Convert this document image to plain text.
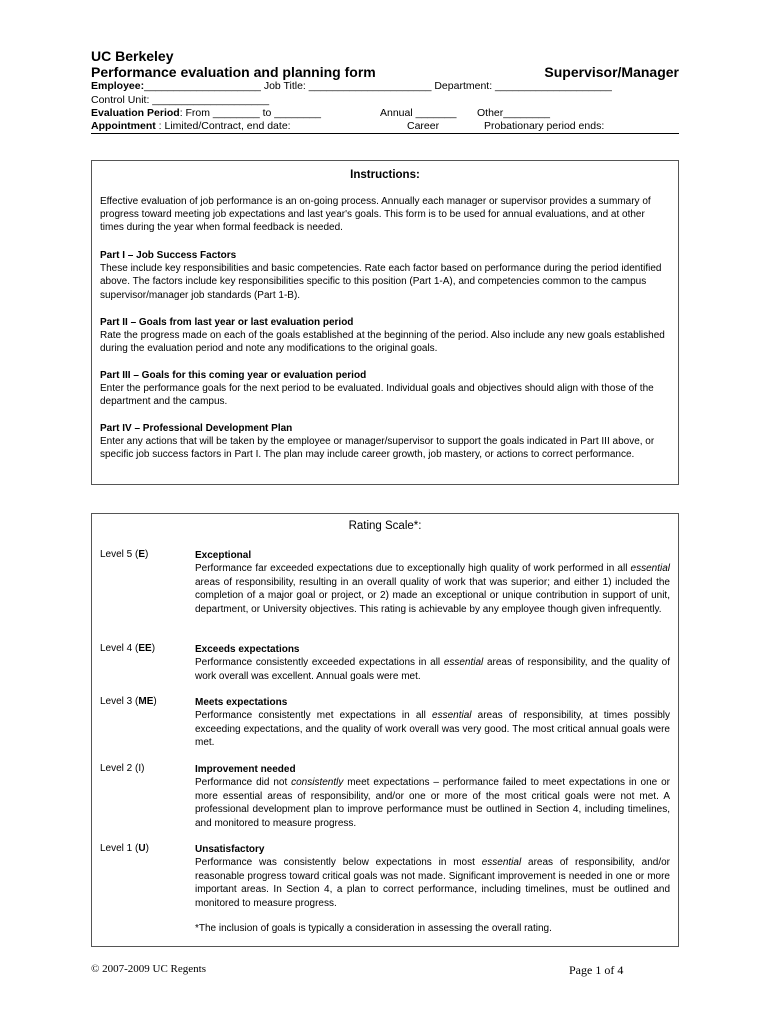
UC Berkeley
Performance evaluation and planning form	Supervisor/Manager
Employee:____________________ Job Title: _____________________ Department: ____________________
Control Unit: ____________________
Evaluation Period: From ________ to ________	Annual _______ Other________
Appointment : Limited/Contract, end date:	Career	Probationary period ends:
Instructions:
Effective evaluation of job performance is an on-going process. Annually each manager or supervisor provides a summary of progress toward meeting job expectations and last year's goals. This form is to be used for annual evaluations, and at other times during the year when formal feedback is needed.

Part I – Job Success Factors

These include key responsibilities and basic competencies. Rate each factor based on performance during the period identified above. The factors include key responsibilities specific to this position (Part 1-A), and competencies common to the campus supervisor/manager job standards (Part 1-B).

Part II – Goals from last year or last evaluation period

Rate the progress made on each of the goals established at the beginning of the period. Also include any new goals established during the evaluation period and note any modifications to the original goals.

Part III – Goals for this coming year or evaluation period

Enter the performance goals for the next period to be evaluated. Individual goals and objectives should align with those of the department and the campus.

Part IV – Professional Development Plan

Enter any actions that will be taken by the employee or manager/supervisor to support the goals indicated in Part III above, or specific job success factors in Part I. The plan may include career growth, job mastery, or actions to correct performance.

Rating Scale*:
Level 5 (E)	Exceptional
Performance far exceeded expectations due to exceptionally high quality of work performed in all essential areas of responsibility, resulting in an overall quality of work that was superior; and either 1) included the completion of a major goal or project, or 2) made an exceptional or unique contribution in support of unit, department, or University objectives. This rating is achievable by any employee though given infrequently.
Level 4 (EE)	Exceeds expectations
Performance consistently exceeded expectations in all essential areas of responsibility, and the quality of work overall was excellent. Annual goals were met.
Level 3 (ME)	Meets expectations
Performance consistently met expectations in all essential areas of responsibility, at times possibly exceeding expectations, and the quality of work overall was very good. The most critical annual goals were met.
Level 2 (I)	Improvement needed
Performance did not consistently meet expectations – performance failed to meet expectations in one or more essential areas of responsibility, and/or one or more of the most critical goals were not met. A professional development plan to improve performance must be outlined in Section 4, including timelines, and monitored to measure progress.
Level 1 (U)	Unsatisfactory
Performance was consistently below expectations in most essential areas of responsibility, and/or reasonable progress toward critical goals was not made. Significant improvement is needed in one or more important areas. In Section 4, a plan to correct performance, including timelines, must be outlined and monitored to measure progress.
*The inclusion of goals is typically a consideration in assessing the overall rating.
© 2007-2009 UC Regents	Page 1 of 4
